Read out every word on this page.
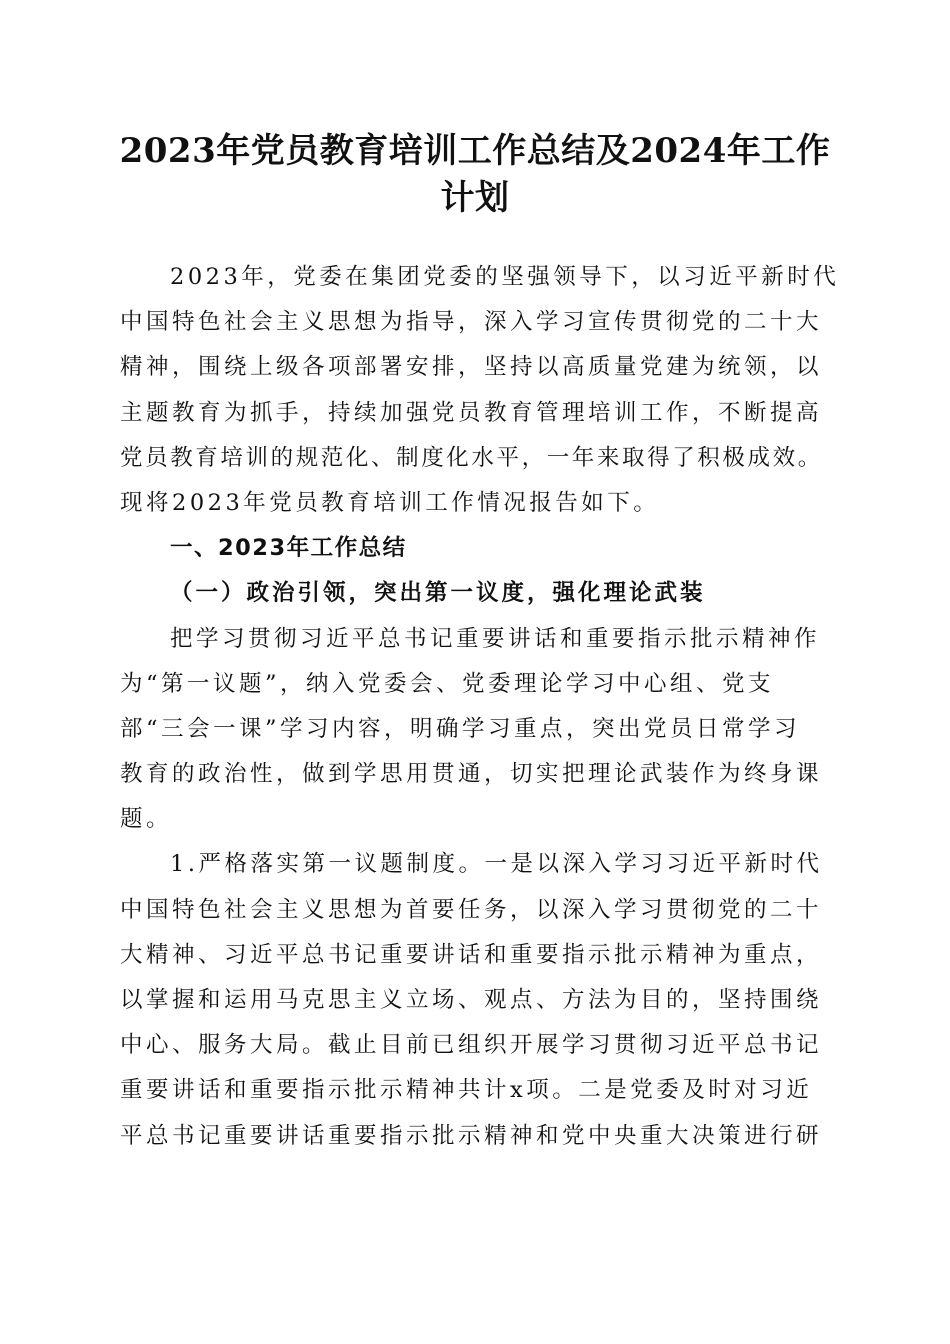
2023年党员教育培训工作总结及2024年工作
计划
2023年，党委在集团党委的坚强领导下，以习近平新时代
中国特色社会主义思想为指导，深入学习宣传贯彻党的二十大
精神，围绕上级各项部署安排，坚持以高质量党建为统领，以
主题教育为抓手，持续加强党员教育管理培训工作，不断提高
党员教育培训的规范化、制度化水平，一年来取得了积极成效。
现将2023年党员教育培训工作情况报告如下。
一、2023年工作总结
（一）政治引领，突出第一议度，强化理论武装
把学习贯彻习近平总书记重要讲话和重要指示批示精神作
为“第一议题”，纳入党委会、党委理论学习中心组、党支
部“三会一课”学习内容，明确学习重点，突出党员日常学习
教育的政治性，做到学思用贯通，切实把理论武装作为终身课
题。
1.严格落实第一议题制度。一是以深入学习习近平新时代
中国特色社会主义思想为首要任务，以深入学习贯彻党的二十
大精神、习近平总书记重要讲话和重要指示批示精神为重点，
以掌握和运用马克思主义立场、观点、方法为目的，坚持围绕
中心、服务大局。截止目前已组织开展学习贯彻习近平总书记
重要讲话和重要指示批示精神共计x项。二是党委及时对习近
平总书记重要讲话重要指示批示精神和党中央重大决策进行研
